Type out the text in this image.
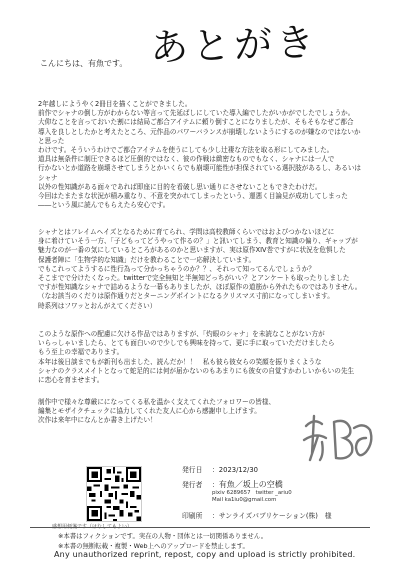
あとがき
こんにちは、有魚です。
2年越しにようやく2冊目を描くことができました。
前作でシャナの倒し方がわからない等言って先延ばしにしていた導入編でしたがいかがでしたでしょうか。
大仰なことを言っておいた割には結局ご都合アイテムに頼り倒すことになりましたが、そもそもなぜご都合
導入を良しとしたかと考えたところ、元作品のパワーバランスが崩壊しないようにするのが嫌なのではないかと思った
わけです。そういうわけでご都合アイテムを使うにしても少し辻褄な方法を取る形にしてみました。
道具は無条件に制圧できるほど圧倒的ではなく、彼の作戦は緻密なものでもなく、シャナには一人で
行かないとか道路を崩壊させてしまうとかいくらでも崩壊可能性が担保されている選択肢があるし、あるいはシャナ
以外の性知識がある面々であれば即座に目的を看破し思い通りにさせないこともできたわけだ。
今回はたまたまな状況が積み重なり、不意を突かれてしまったという、運悪く目論見が成功してしまった
――という風に読んでもらえたら安心です。
シャナとはフレイムヘイズとなるために育てられ、学問は高校教師くらいではおよびつかないほどに
身に着けていそう一方、「子どもってどうやって作るの？」と訊いてしまう、教育と知識の偏り、ギャップが
魅力なのが一番の気にしているところがあるのかと思いますが、実は原作XIV巻ですがに状況を危惧した
保護者陣に「生物学的な知識」だけを教わることで一応解決しています。
でもこれってようするに性行為って分かっちゃうのか？？、それって知ってるんでしょうか？
そこまでで分けたくなった。twitterで完全無知と半無知どっちがいい？とアンケートも取ったりしました
ですが性知識なシャナで詰めるような一幕もありましたが、ほぼ原作の道筋から外れたものではありません。
（なお該当のくだりは原作通りだとターニングポイントになるクリスマス寸前になってしまいます。
時系列はフワッとおんがえてください）
このような原作への配慮に欠ける作品ではありますが、「灼眼のシャナ」を未読なことがない方が
いらっしゃいましたら、とても面白いので少しでも興味を持って、更に手に取っていただけましたら
もう至上の幸福であります。
本年は後日談までもが新刊も出ました、読んだか！！　私も彼ら彼女らの笑顔を振りまくような
シャナのクラスメイトとなって蛇足的には何が届かないのもあまりにも彼女の自覚すかわしいかもいの先生
に恋心を育ませます。
制作中で様々な尊厳にになってくる私を温かく支えてくれたフォロワーの皆様、
編集とモザイクチェックに協力してくれた友人に心から感謝申し上げます。
次作は来年中になんとか書き上げたい！
感想用便箋です（はなしてもよい）
発行日 ：2023/12/30
発行者 ：有魚／坂上の空橋
pixiv 6289657 twitter _ariu0
Mail ka1iu0@gmail.com
印刷所 ：サンライズパブリケーション(株)　様
※本書はフィクションです。実在の人物・団体とは一切関係ありません。
※本書の無断転載・複製・Web上へのアップロードを禁止します。
Any unauthorized reprint, repost, copy and upload is strictly prohibited.
